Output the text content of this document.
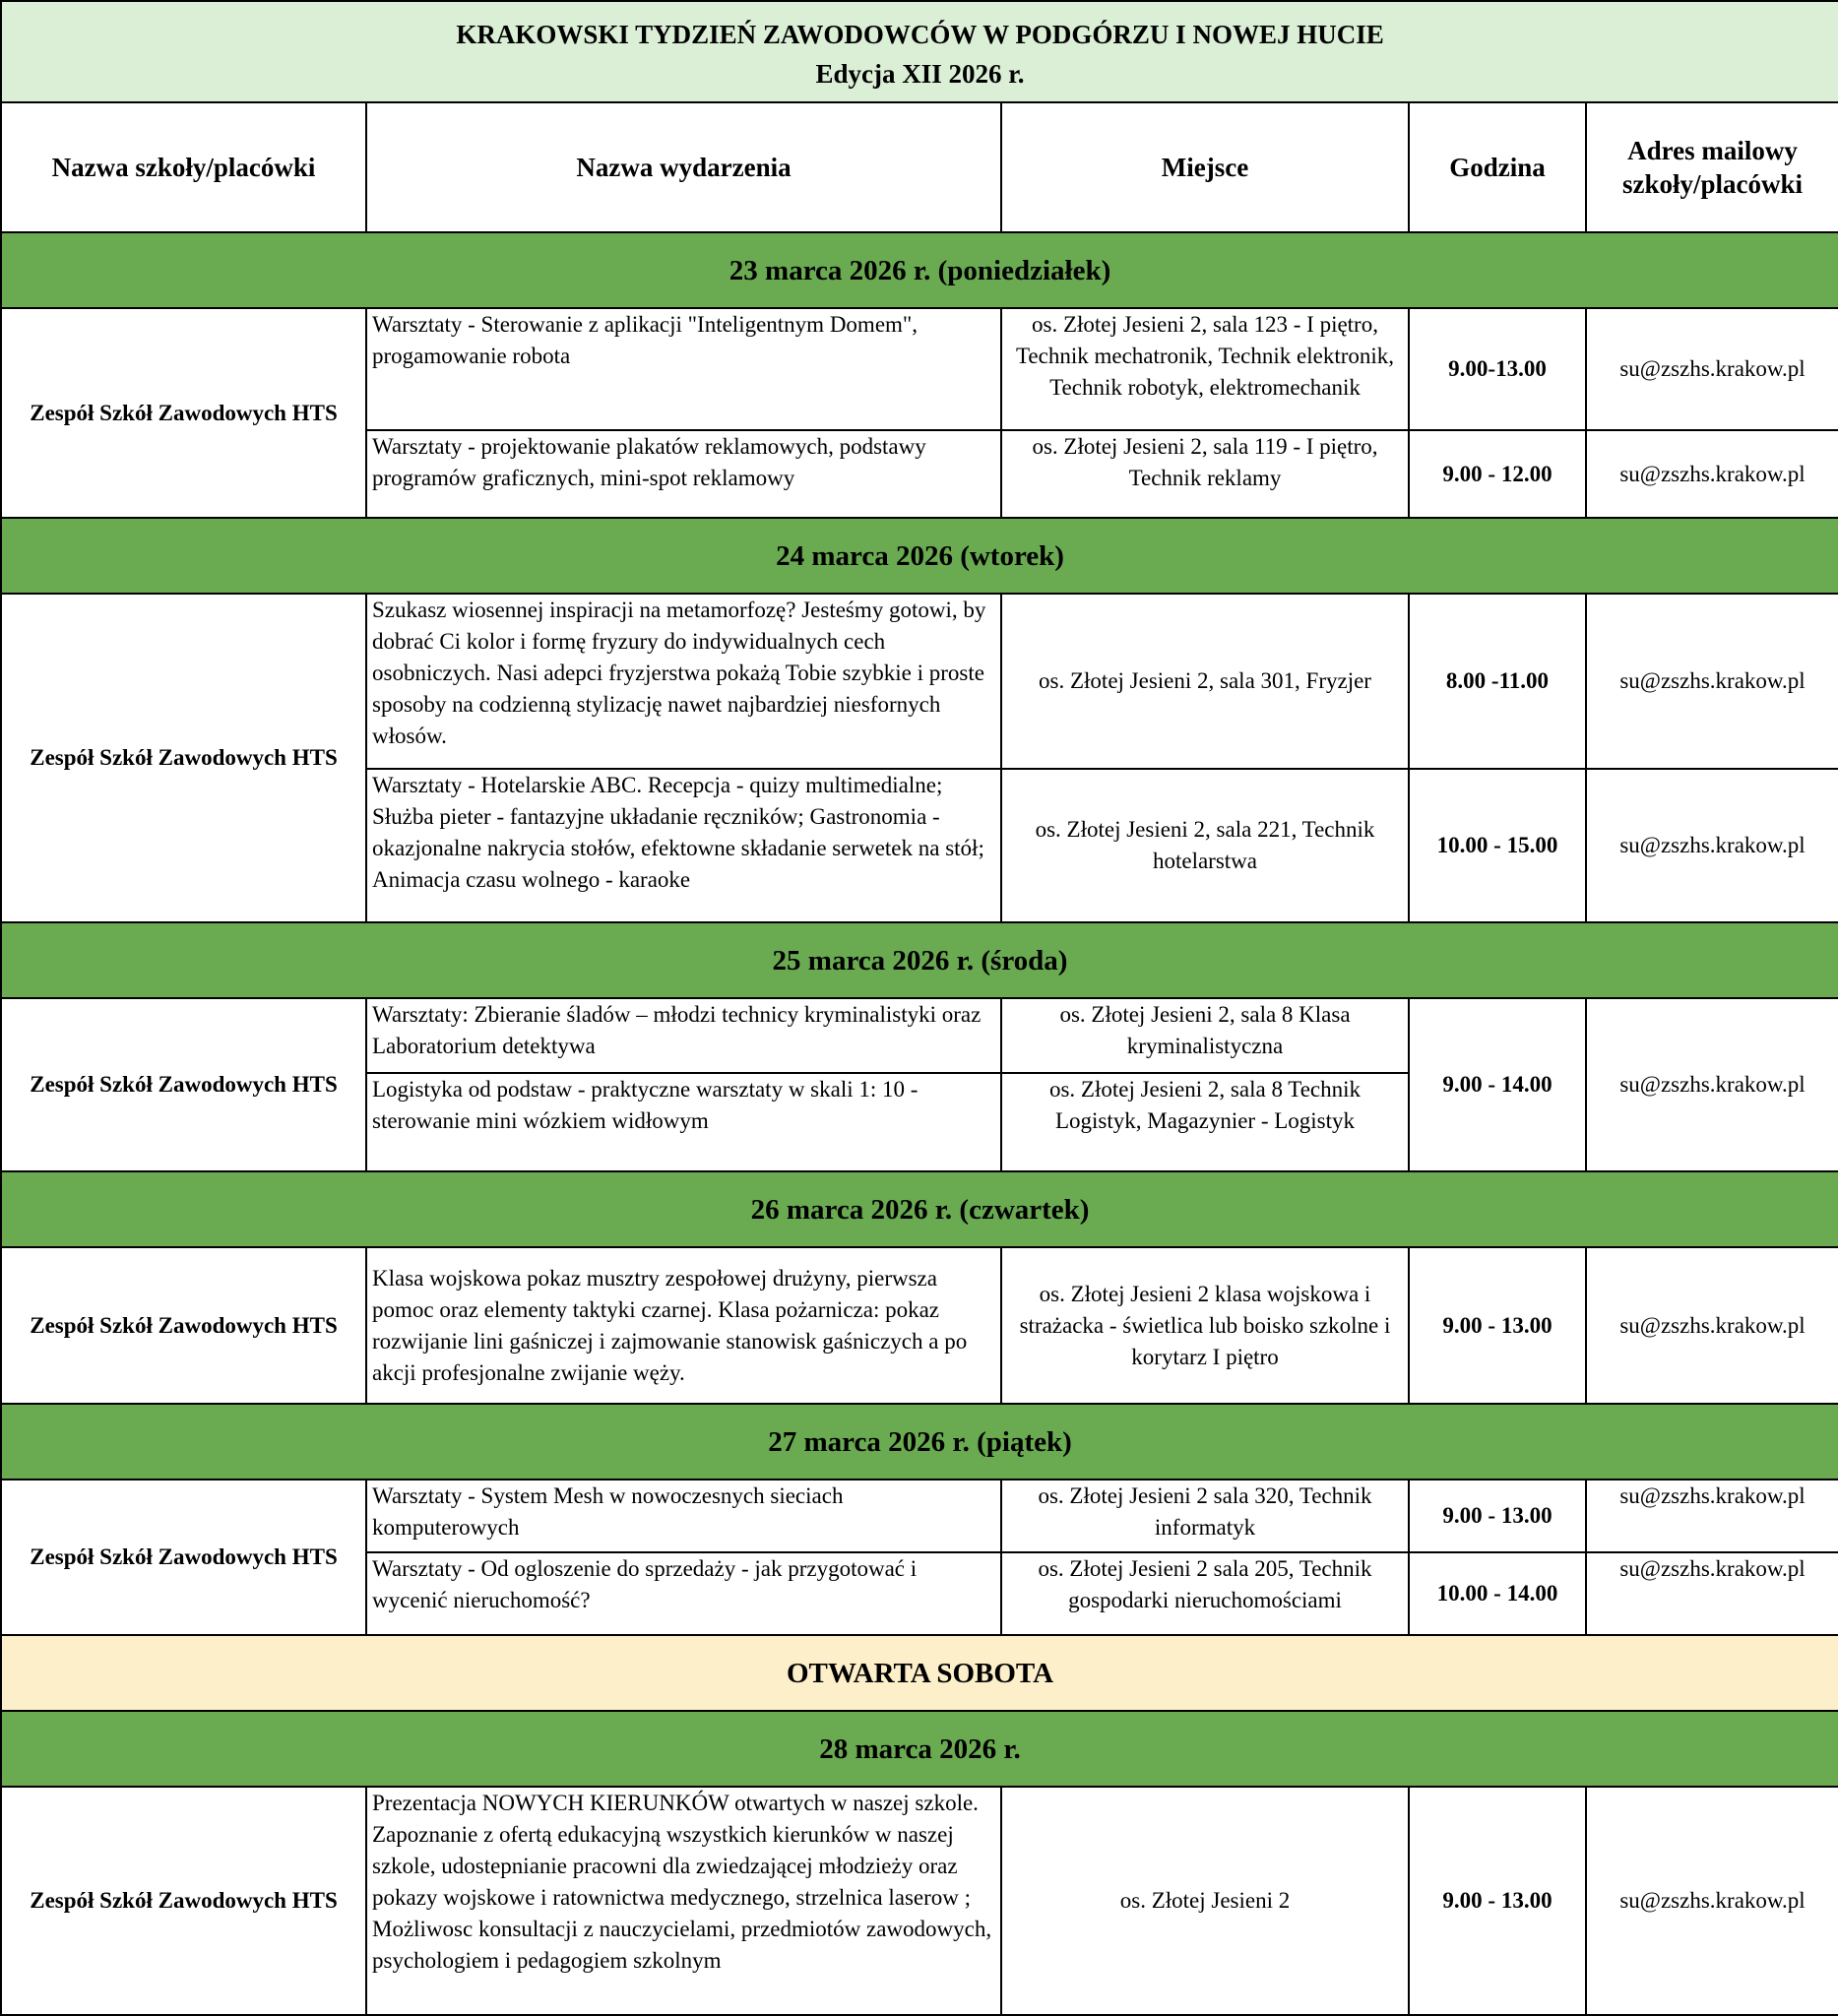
KRAKOWSKI TYDZIEŃ ZAWODOWCÓW W PODGÓRZU I NOWEJ HUCIE
Edycja XII 2026 r.				

Nazwa szkoły/placówki	Nazwa wydarzenia	Miejsce	Godzina	Adres mailowy szkoły/placówki
23 marca 2026 r. (poniedziałek)				
Zespół Szkół Zawodowych HTS	Warsztaty - Sterowanie z aplikacji "Inteligentnym Domem", progamowanie robota	os. Złotej Jesieni 2, sala 123 - I piętro, Technik mechatronik, Technik elektronik, Technik robotyk, elektromechanik	9.00-13.00	su@zszhs.krakow.pl
	Warsztaty - projektowanie plakatów reklamowych, podstawy programów graficznych, mini-spot reklamowy	os. Złotej Jesieni 2, sala 119 - I piętro, Technik reklamy	9.00 - 12.00	su@zszhs.krakow.pl
24 marca 2026 (wtorek)				
Zespół Szkół Zawodowych HTS	Szukasz wiosennej inspiracji na metamorfozę? Jesteśmy gotowi, by dobrać Ci kolor i formę fryzury do indywidualnych cech osobniczych. Nasi adepci fryzjerstwa pokażą Tobie szybkie i proste sposoby na codzienną stylizację nawet najbardziej niesfornych włosów.	os. Złotej Jesieni 2, sala 301, Fryzjer	8.00 -11.00	su@zszhs.krakow.pl
	Warsztaty - Hotelarskie ABC. Recepcja - quizy multimedialne; Służba pieter - fantazyjne układanie ręczników; Gastronomia - okazjonalne nakrycia stołów, efektowne składanie serwetek na stół; Animacja czasu wolnego - karaoke	os. Złotej Jesieni 2, sala 221, Technik hotelarstwa	10.00 - 15.00	su@zszhs.krakow.pl
25 marca 2026 r. (środa)				
Zespół Szkół Zawodowych HTS	Warsztaty: Zbieranie śladów – młodzi technicy kryminalistyki oraz Laboratorium detektywa	os. Złotej Jesieni 2, sala 8 Klasa kryminalistyczna	9.00 - 14.00	su@zszhs.krakow.pl
	Logistyka od podstaw - praktyczne warsztaty w skali 1: 10 - sterowanie mini wózkiem widłowym	os. Złotej Jesieni 2, sala 8 Technik Logistyk, Magazynier - Logistyk		
26 marca 2026 r. (czwartek)				
Zespół Szkół Zawodowych HTS	Klasa wojskowa pokaz musztry zespołowej drużyny, pierwsza pomoc oraz elementy taktyki czarnej. Klasa pożarnicza: pokaz rozwijanie lini gaśniczej i zajmowanie stanowisk gaśniczych a po akcji profesjonalne zwijanie węży.	os. Złotej Jesieni 2 klasa wojskowa i strażacka - świetlica lub boisko szkolne i korytarz I piętro	9.00 - 13.00	su@zszhs.krakow.pl
27 marca 2026 r. (piątek)				
Zespół Szkół Zawodowych HTS	Warsztaty - System Mesh w nowoczesnych sieciach komputerowych	os. Złotej Jesieni 2 sala 320, Technik informatyk	9.00 - 13.00	su@zszhs.krakow.pl
	Warsztaty - Od ogloszenie do sprzedaży - jak przygotować i wycenić nieruchomość?	os. Złotej Jesieni 2 sala 205, Technik gospodarki nieruchomościami	10.00 - 14.00	su@zszhs.krakow.pl
OTWARTA SOBOTA				
28 marca 2026 r.				
Zespół Szkół Zawodowych HTS	Prezentacja NOWYCH KIERUNKÓW otwartych w naszej szkole. Zapoznanie z ofertą edukacyjną wszystkich kierunków w naszej szkole, udostepnianie pracowni dla zwiedzającej młodzieży oraz pokazy wojskowe i ratownictwa medycznego, strzelnica laserow ; Możliwosc konsultacji z nauczycielami, przedmiotów zawodowych, psychologiem i pedagogiem szkolnym	os. Złotej Jesieni 2	9.00 - 13.00	su@zszhs.krakow.pl
